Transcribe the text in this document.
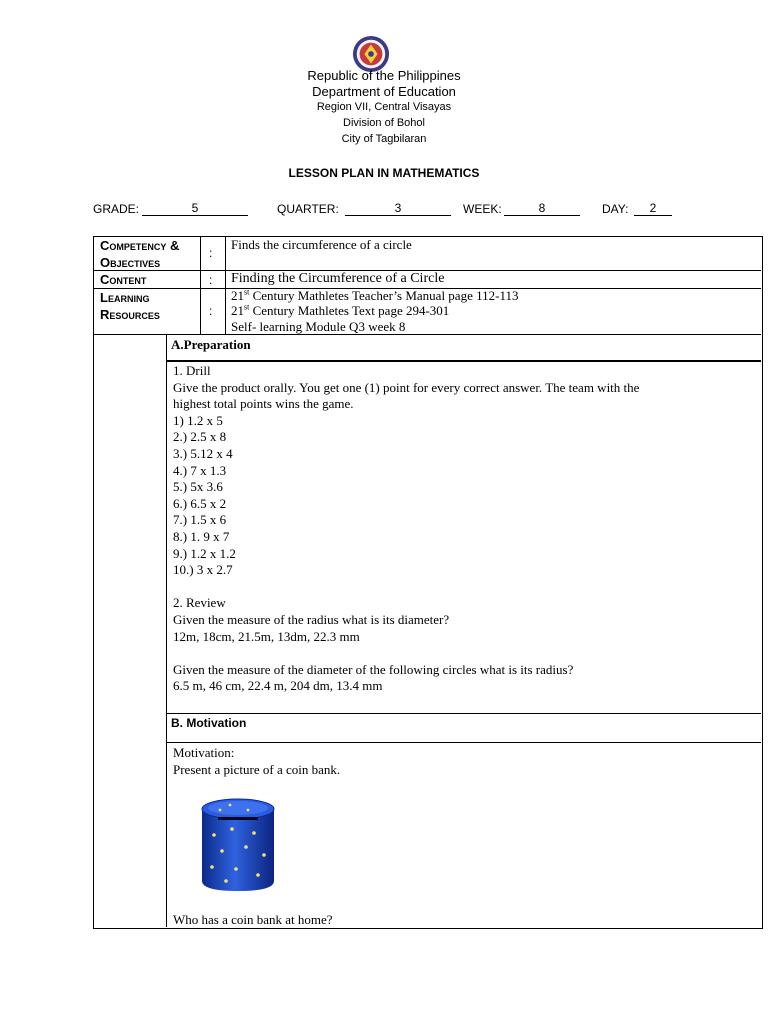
Republic of the Philippines
Department of Education
Region VII, Central Visayas
Division of Bohol
City of Tagbilaran
LESSON PLAN IN MATHEMATICS
GRADE:	5	QUARTER:	3	WEEK:	8	DAY:	2
Competency &
Objectives
:
Finds the circumference of a circle
Content	: Finding the Circumference of a Circle
Learning
Resources	:
21st Century Mathletes Teacher’s Manual page 112-113
21st Century Mathletes Text page 294-301
Self- learning Module Q3 week 8
A.Preparation
1. Drill
Give the product orally. You get one (1) point for every correct answer. The team with the
highest total points wins the game.
1) 1.2 x 5
2.) 2.5 x 8
3.) 5.12 x 4
4.) 7 x 1.3
5.) 5x 3.6
6.) 6.5 x 2
7.) 1.5 x 6
8.) 1. 9 x 7
9.) 1.2 x 1.2
10.) 3 x 2.7
2. Review
Given the measure of the radius what is its diameter?
12m, 18cm, 21.5m, 13dm, 22.3 mm
Given the measure of the diameter of the following circles what is its radius?
6.5 m, 46 cm, 22.4 m, 204 dm, 13.4 mm
B. Motivation
Motivation:
Present a picture of a coin bank.
Who has a coin bank at home?
